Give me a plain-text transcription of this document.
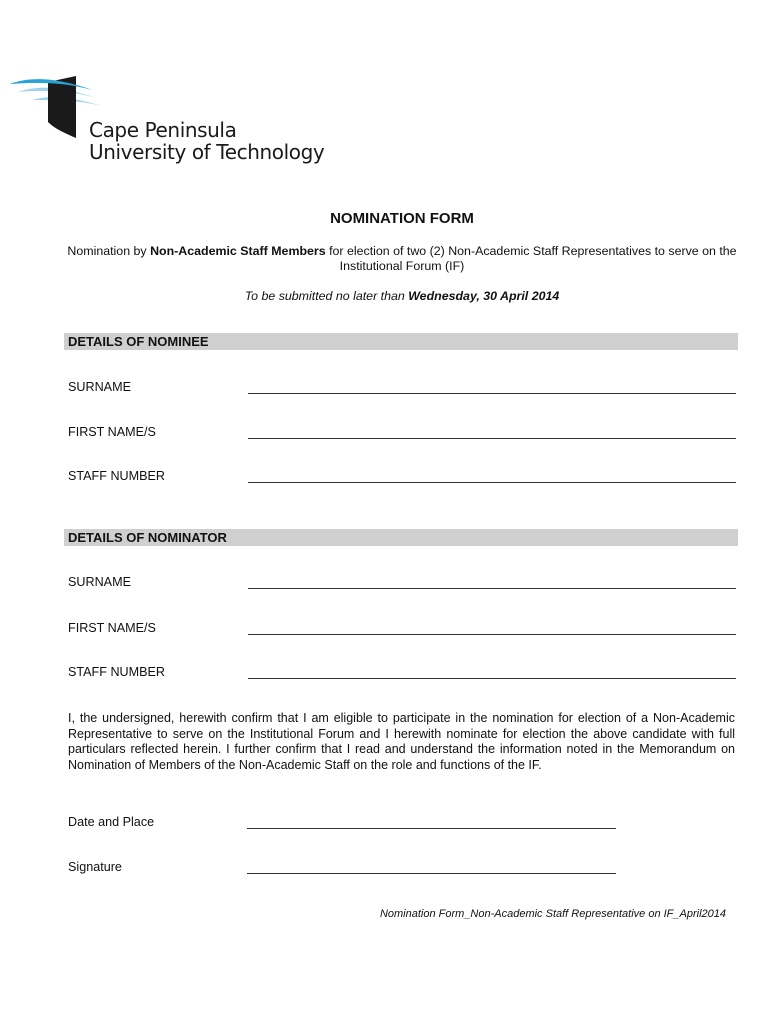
Cape Peninsula
University of Technology
NOMINATION FORM
Nomination by Non-Academic Staff Members for election of two (2) Non-Academic Staff Representatives to serve on the Institutional Forum (IF)
To be submitted no later than Wednesday, 30 April 2014
DETAILS OF NOMINEE
SURNAME
FIRST NAME/S
STAFF NUMBER
DETAILS OF NOMINATOR
SURNAME
FIRST NAME/S
STAFF NUMBER
I, the undersigned, herewith confirm that I am eligible to participate in the nomination for election of a Non-Academic Representative to serve on the Institutional Forum and I herewith nominate for election the above candidate with full particulars reflected herein. I further confirm that I read and understand the information noted in the Memorandum on Nomination of Members of the Non-Academic Staff on the role and functions of the IF.
Date and Place
Signature
Nomination Form_Non-Academic Staff Representative on IF_April2014
